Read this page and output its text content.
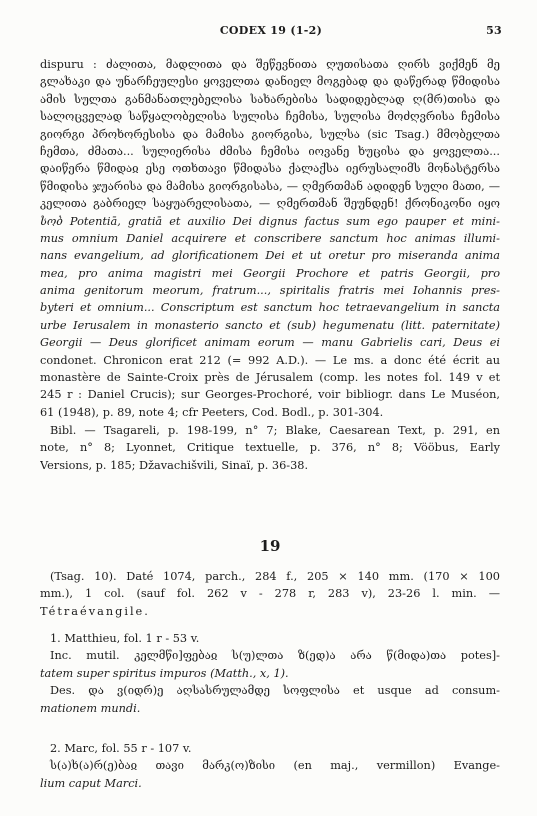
CODEX 19 (1-2)	53
dispuru : ძალითა, მადლითა და შეწევნითა ღუთისათა ღირს ვიქმენ მე
გლახაკი და უნარჩეულესი ყოველთა დანიელ მოგებად და დაწერად წმიდისა
ამის სულთა განმანათლებელისა სახარებისა სადიდებლად ღ(მრ)თისა და
სალოცველად საწყალობელისა სულისა ჩემისა, სულისა მოძღვრისა ჩემისა
გიორგი პროხორესისა და მამისა გიორგისა, სულსა (sic Tsag.) მმობელთა
ჩემთა, ძმათა... სულიერისა ძმისა ჩემისა იოვანე ხუცისა და ყოველთა...
დაიწერა წმიდაჲ ესე ოთხთავი წმიდასა ქალაქსა იერუსალიმს მონასტერსა
წმიდისა ჯუარისა და მამისა გიორგისასა, — ღმერთმან ადიდენ სული მათი, —
კელითა გაბრიელ საყუარელისათა, — ღმერთმან შეუნდენ! ქრონიკონი იყო
სობ Potentiā, gratiā et auxilio Dei dignus factus sum ego pauper et mini-
mus omnium Daniel acquirere et conscribere sanctum hoc animas illumi-
nans evangelium, ad glorificationem Dei et ut oretur pro miseranda anima
mea, pro anima magistri mei Georgii Prochore et patris Georgii, pro
anima genitorum meorum, fratrum..., spiritalis fratris mei Iohannis pres-
byteri et omnium... Conscriptum est sanctum hoc tetraevangelium in sancta
urbe Ierusalem in monasterio sancto et (sub) hegumenatu (litt. paternitate)
Georgii — Deus glorificet animam eorum — manu Gabrielis cari, Deus ei
condonet. Chronicon erat 212 (= 992 A.D.). — Le ms. a donc été écrit au
monastère de Sainte-Croix près de Jérusalem (comp. les notes fol. 149 v et
245 r : Daniel Crucis); sur Georges-Prochoré, voir bibliogr. dans Le Muséon,
61 (1948), p. 89, note 4; cfr Peeters, Cod. Bodl., p. 301-304.
Bibl. — Tsagareli, p. 198-199, n° 7; Blake, Caesarean Text, p. 291, en
note, n° 8; Lyonnet, Critique textuelle, p. 376, n° 8; Vööbus, Early
Versions, p. 185; Džavachišvili, Sinaï, p. 36-38.
19
(Tsag. 10). Daté 1074, parch., 284 f., 205 × 140 mm. (170 × 100
mm.), 1 col. (sauf fol. 262 v - 278 r, 283 v), 23-26 l. min. —
Tétraévangile.
1. Matthieu, fol. 1 r - 53 v.
Inc. mutil. კელმწი]ფებაჲ ს(უ)ლთა ზ(ედ)ა არა წ(მიდა)თა potes]-
tatem super spiritus impuros (Matth., x, 1).
Des. და ვ(იდრ)ე აღსასრულამდე სოფლისა et usque ad consum-
mationem mundi.
2. Marc, fol. 55 r - 107 v.
ს(ა)ხ(ა)რ(ე)ბაჲ თავი მარკ(ო)ზისი (en maj., vermillon) Evange-
lium caput Marci.
